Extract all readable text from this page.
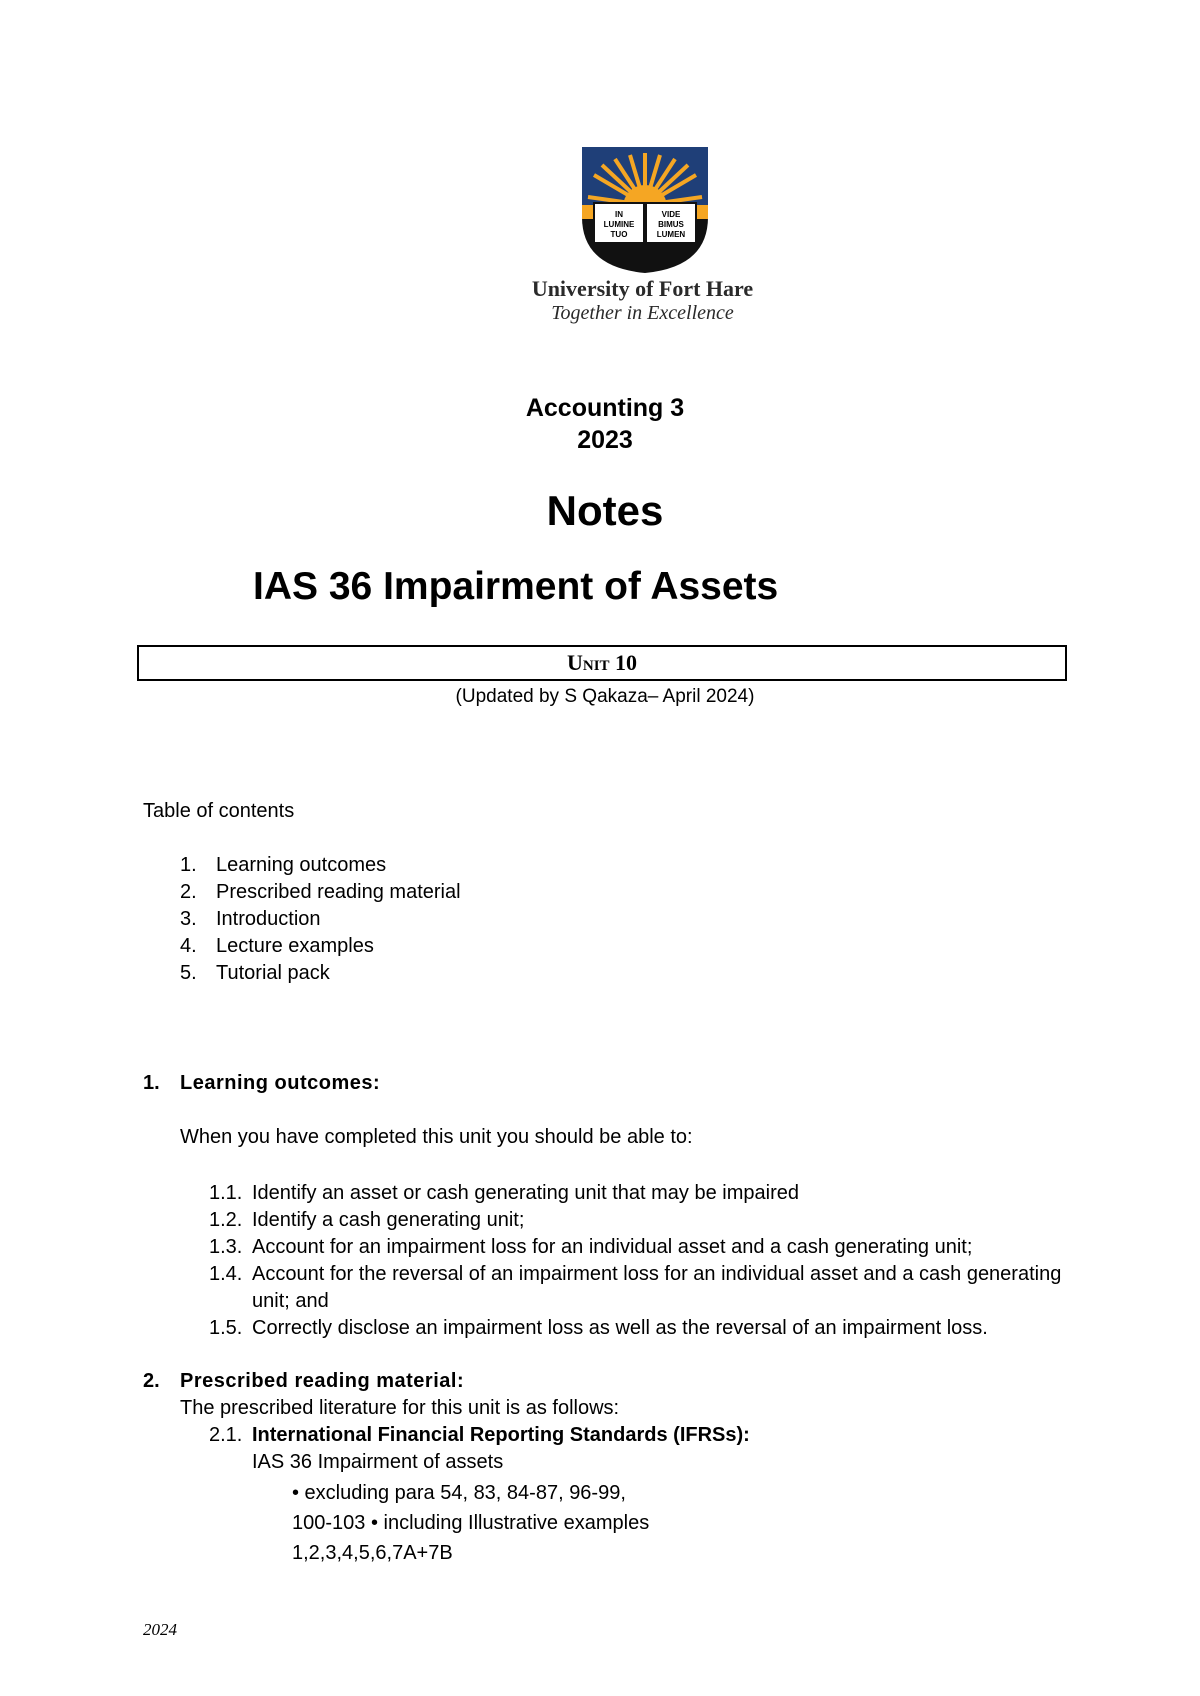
IN
LUMINE
TUO
VIDE
BIMUS
LUMEN
University of Fort Hare
Together in Excellence
Accounting 3
2023
Notes
IAS 36 Impairment of Assets
Unit 10
(Updated by S Qakaza– April 2024)
Table of contents
1. Learning outcomes
2. Prescribed reading material
3. Introduction
4. Lecture examples
5. Tutorial pack
1. Learning outcomes:
When you have completed this unit you should be able to:
1.1. Identify an asset or cash generating unit that may be impaired
1.2. Identify a cash generating unit;
1.3. Account for an impairment loss for an individual asset and a cash generating unit;
1.4. Account for the reversal of an impairment loss for an individual asset and a cash generating unit; and
1.5. Correctly disclose an impairment loss as well as the reversal of an impairment loss.
2. Prescribed reading material:
The prescribed literature for this unit is as follows:
2.1. International Financial Reporting Standards (IFRSs):
IAS 36 Impairment of assets
• excluding para 54, 83, 84-87, 96-99,
100-103 • including Illustrative examples
1,2,3,4,5,6,7A+7B
2024
